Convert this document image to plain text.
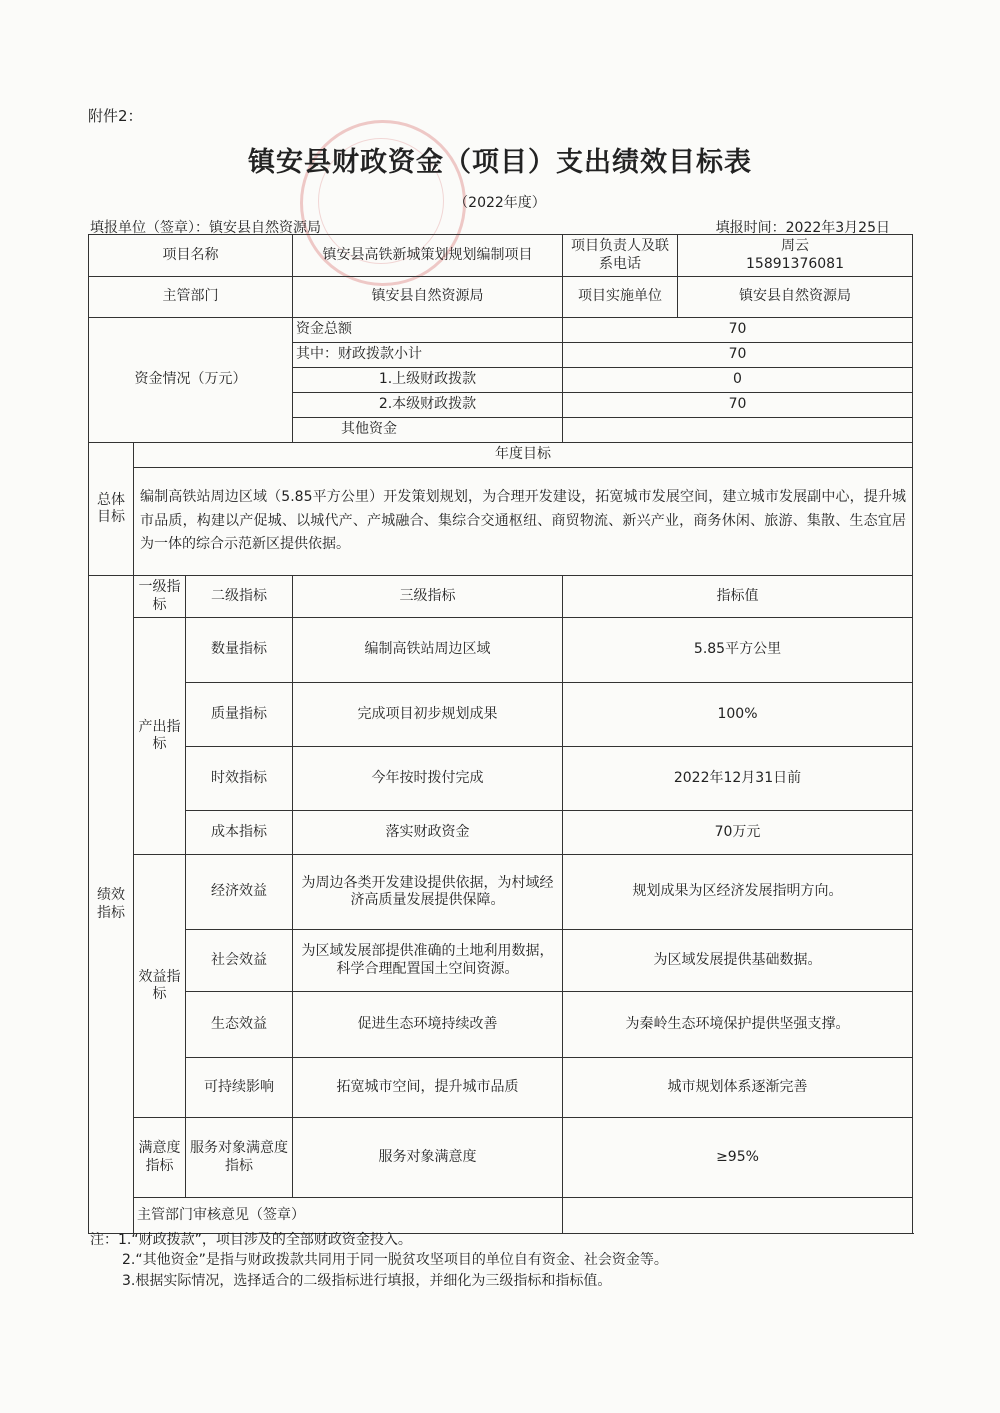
附件2：
镇安县财政资金（项目）支出绩效目标表
（2022年度）
填报单位（签章）：镇安县自然资源局	填报时间：2022年3月25日
项目名称			镇安县高铁新城策划规划编制项目	项目负责人及联系电话	周云
15891376081

主管部门			镇安县自然资源局	项目实施单位	镇安县自然资源局
资金情况（万元）			资金总额	70	
			其中：财政拨款小计	70	
			1.上级财政拨款	0	
			2.本级财政拨款	70	
			其他资金		
总体目标	年度目标				
	编制高铁站周边区域（5.85平方公里）开发策划规划，为合理开发建设，拓宽城市发展空间，建立城市发展副中心，提升城市品质，构建以产促城、以城代产、产城融合、集综合交通枢纽、商贸物流、新兴产业，商务休闲、旅游、集散、生态宜居为一体的综合示范新区提供依据。				
绩效指标	一级指标	二级指标	三级指标	指标值	
	产出指标	数量指标	编制高铁站周边区域	5.85平方公里	
		质量指标	完成项目初步规划成果	100%	
		时效指标	今年按时拨付完成	2022年12月31日前	
		成本指标	落实财政资金	70万元	
	效益指标	经济效益	为周边各类开发建设提供依据，为村域经济高质量发展提供保障。	规划成果为区经济发展指明方向。	
		社会效益	为区域发展部提供准确的土地利用数据，科学合理配置国土空间资源。	为区域发展提供基础数据。	
		生态效益	促进生态环境持续改善	为秦岭生态环境保护提供坚强支撑。	
		可持续影响	拓宽城市空间，提升城市品质	城市规划体系逐渐完善	
	满意度指标	服务对象满意度指标	服务对象满意度	≥95%	
	主管部门审核意见（签章）				
注：1.“财政拨款”，项目涉及的全部财政资金投入。
2.“其他资金”是指与财政拨款共同用于同一脱贫攻坚项目的单位自有资金、社会资金等。
3.根据实际情况，选择适合的二级指标进行填报，并细化为三级指标和指标值。
